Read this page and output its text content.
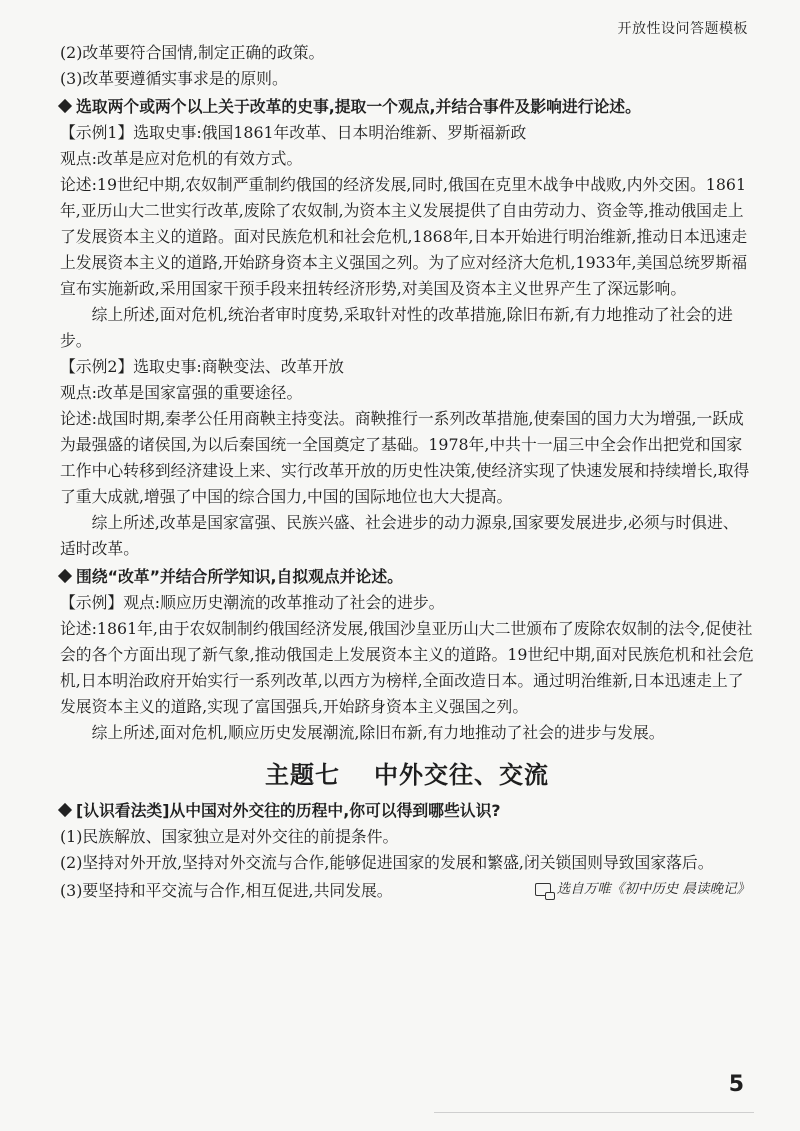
开放性设问答题模板

(2)改革要符合国情,制定正确的政策。

(3)改革要遵循实事求是的原则。

选取两个或两个以上关于改革的史事,提取一个观点,并结合事件及影响进行论述。

【示例1】选取史事:俄国1861年改革、日本明治维新、罗斯福新政

观点:改革是应对危机的有效方式。

论述:19世纪中期,农奴制严重制约俄国的经济发展,同时,俄国在克里木战争中战败,内外交困。1861年,亚历山大二世实行改革,废除了农奴制,为资本主义发展提供了自由劳动力、资金等,推动俄国走上了发展资本主义的道路。面对民族危机和社会危机,1868年,日本开始进行明治维新,推动日本迅速走上发展资本主义的道路,开始跻身资本主义强国之列。为了应对经济大危机,1933年,美国总统罗斯福宣布实施新政,采用国家干预手段来扭转经济形势,对美国及资本主义世界产生了深远影响。

综上所述,面对危机,统治者审时度势,采取针对性的改革措施,除旧布新,有力地推动了社会的进步。

【示例2】选取史事:商鞅变法、改革开放

观点:改革是国家富强的重要途径。

论述:战国时期,秦孝公任用商鞅主持变法。商鞅推行一系列改革措施,使秦国的国力大为增强,一跃成为最强盛的诸侯国,为以后秦国统一全国奠定了基础。1978年,中共十一届三中全会作出把党和国家工作中心转移到经济建设上来、实行改革开放的历史性决策,使经济实现了快速发展和持续增长,取得了重大成就,增强了中国的综合国力,中国的国际地位也大大提高。

综上所述,改革是国家富强、民族兴盛、社会进步的动力源泉,国家要发展进步,必须与时俱进、适时改革。

围绕“改革”并结合所学知识,自拟观点并论述。

【示例】观点:顺应历史潮流的改革推动了社会的进步。

论述:1861年,由于农奴制制约俄国经济发展,俄国沙皇亚历山大二世颁布了废除农奴制的法令,促使社会的各个方面出现了新气象,推动俄国走上发展资本主义的道路。19世纪中期,面对民族危机和社会危机,日本明治政府开始实行一系列改革,以西方为榜样,全面改造日本。通过明治维新,日本迅速走上了发展资本主义的道路,实现了富国强兵,开始跻身资本主义强国之列。

综上所述,面对危机,顺应历史发展潮流,除旧布新,有力地推动了社会的进步与发展。

主题七 中外交往、交流

[认识看法类]从中国对外交往的历程中,你可以得到哪些认识?

(1)民族解放、国家独立是对外交往的前提条件。

(2)坚持对外开放,坚持对外交流与合作,能够促进国家的发展和繁盛,闭关锁国则导致国家落后。

(3)要坚持和平交流与合作,相互促进,共同发展。	选自万唯《初中历史 晨读晚记》
5
